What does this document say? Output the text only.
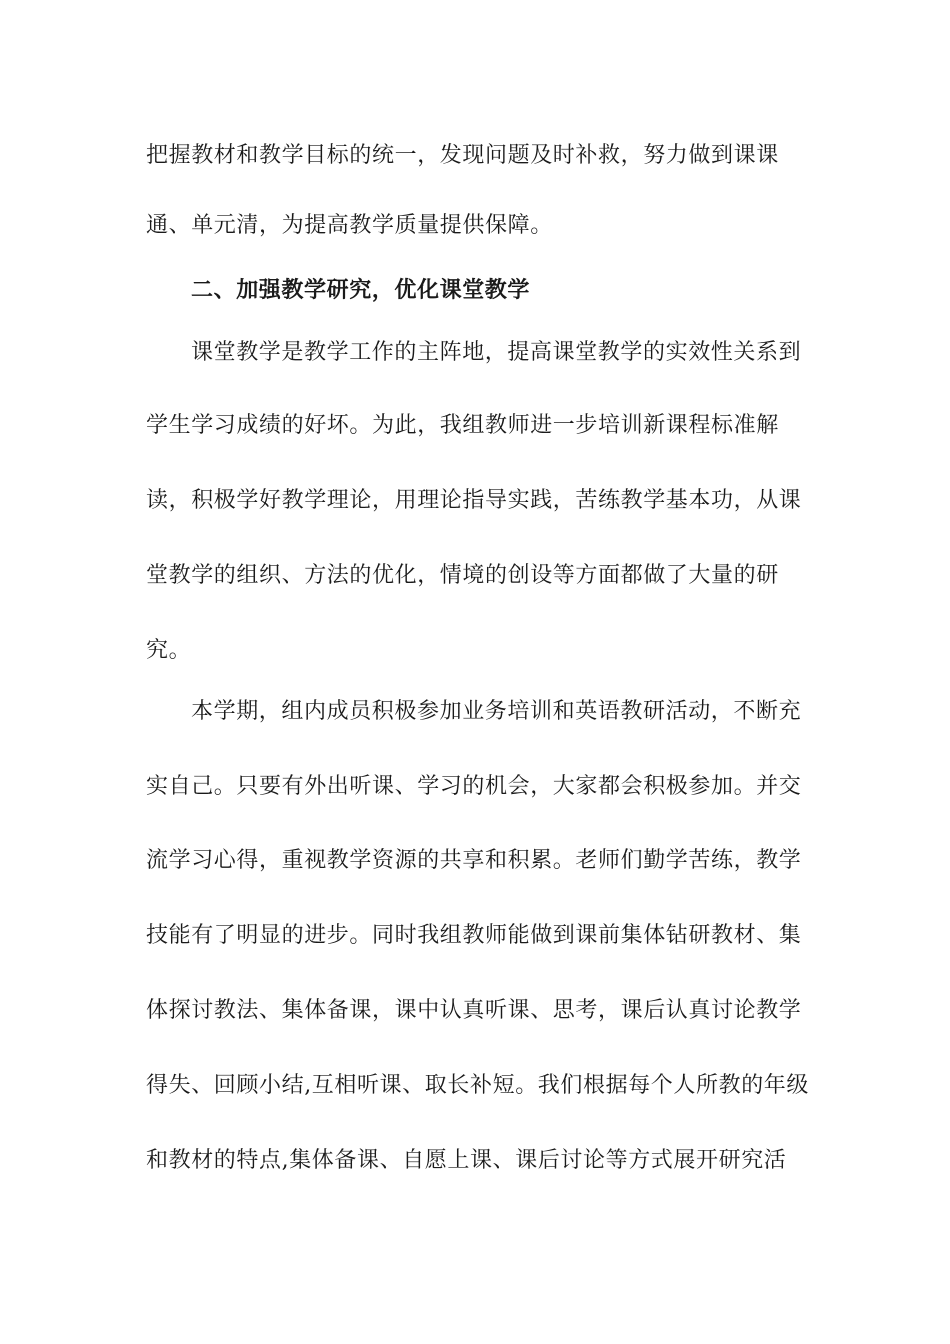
把握教材和教学目标的统一，发现问题及时补救，努力做到课课
通、单元清，为提高教学质量提供保障。
二、加强教学研究，优化课堂教学
课堂教学是教学工作的主阵地，提高课堂教学的实效性关系到
学生学习成绩的好坏。为此，我组教师进一步培训新课程标准解
读，积极学好教学理论，用理论指导实践，苦练教学基本功，从课
堂教学的组织、方法的优化，情境的创设等方面都做了大量的研
究。
本学期，组内成员积极参加业务培训和英语教研活动，不断充
实自己。只要有外出听课、学习的机会，大家都会积极参加。并交
流学习心得，重视教学资源的共享和积累。老师们勤学苦练，教学
技能有了明显的进步。同时我组教师能做到课前集体钻研教材、集
体探讨教法、集体备课，课中认真听课、思考，课后认真讨论教学
得失、回顾小结,互相听课、取长补短。我们根据每个人所教的年级
和教材的特点,集体备课、自愿上课、课后讨论等方式展开研究活
